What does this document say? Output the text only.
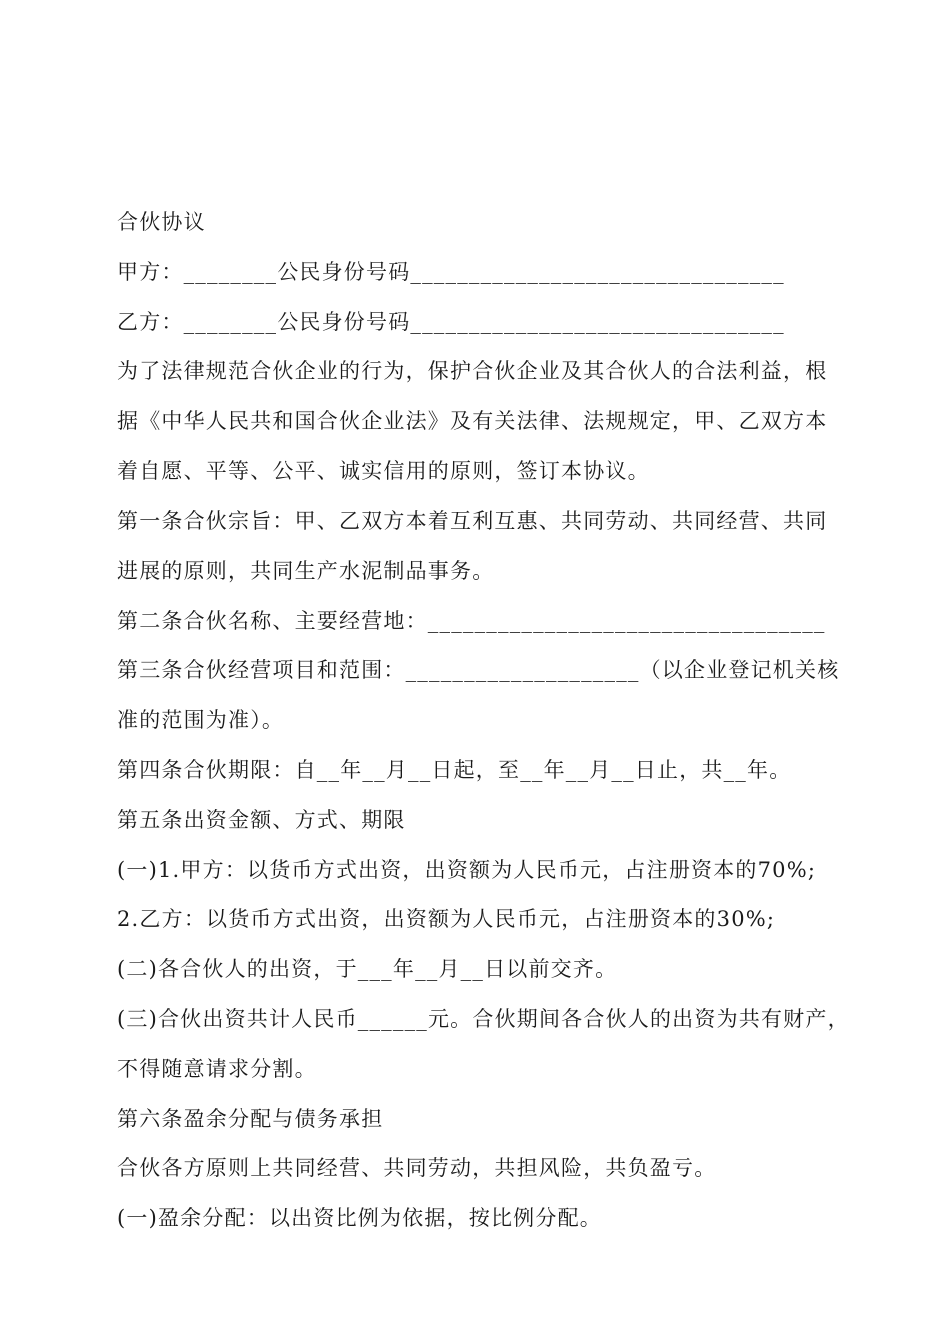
合伙协议
甲方：________公民身份号码________________________________
乙方：________公民身份号码________________________________
为了法律规范合伙企业的行为，保护合伙企业及其合伙人的合法利益，根
据《中华人民共和国合伙企业法》及有关法律、法规规定，甲、乙双方本
着自愿、平等、公平、诚实信用的原则，签订本协议。
第一条合伙宗旨：甲、乙双方本着互利互惠、共同劳动、共同经营、共同
进展的原则，共同生产水泥制品事务。
第二条合伙名称、主要经营地：__________________________________
第三条合伙经营项目和范围：____________________（以企业登记机关核
准的范围为准）。
第四条合伙期限：自__年__月__日起，至__年__月__日止，共__年。
第五条出资金额、方式、期限
(一)1.甲方：以货币方式出资，出资额为人民币元，占注册资本的70%;
2.乙方：以货币方式出资，出资额为人民币元，占注册资本的30%;
(二)各合伙人的出资，于___年__月__日以前交齐。
(三)合伙出资共计人民币______元。合伙期间各合伙人的出资为共有财产，
不得随意请求分割。
第六条盈余分配与债务承担
合伙各方原则上共同经营、共同劳动，共担风险，共负盈亏。
(一)盈余分配：以出资比例为依据，按比例分配。
